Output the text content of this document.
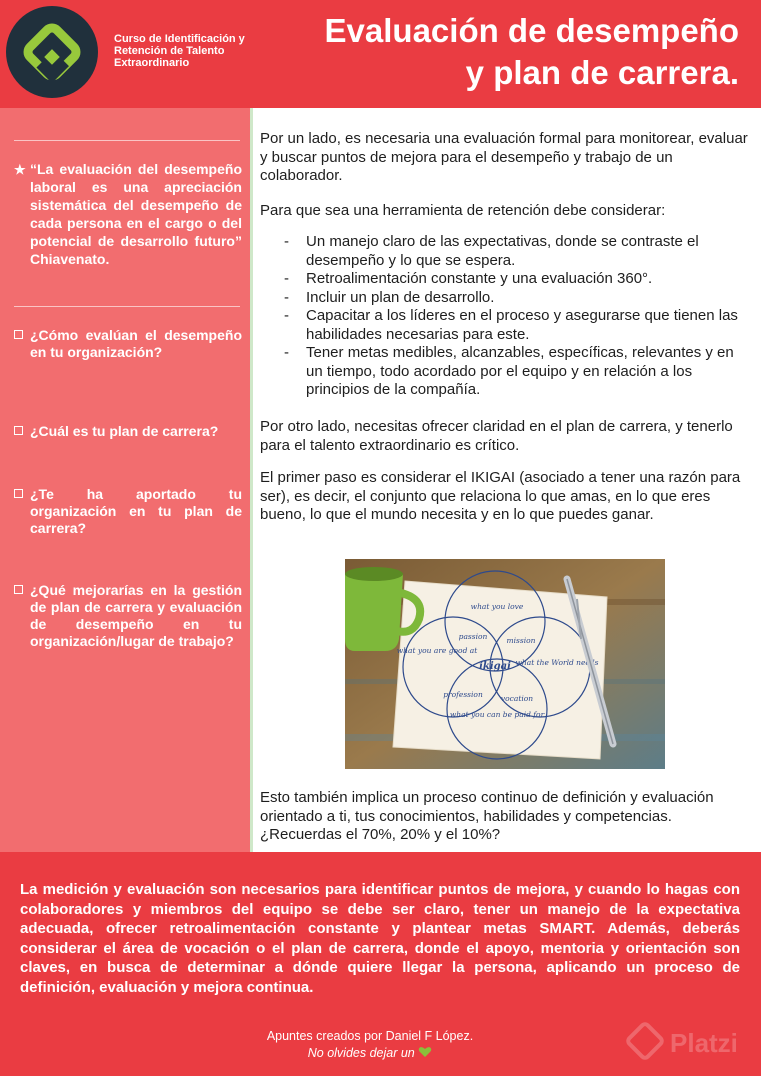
Curso de Identificación y Retención de Talento Extraordinario
Evaluación de desempeño
y plan de carrera.
★ “La evaluación del desempeño laboral es una apreciación sistemática del desempeño de cada persona en el cargo o del potencial de desarrollo futuro” Chiavenato.
¿Cómo evalúan el desempeño en tu organización?
¿Cuál es tu plan de carrera?
¿Te ha aportado tu organización en tu plan de carrera?
¿Qué mejorarías en la gestión de plan de carrera y evaluación de desempeño en tu organización/lugar de trabajo?

Por un lado, es necesaria una evaluación formal para monitorear, evaluar y buscar puntos de mejora para el desempeño y trabajo de un colaborador.

Para que sea una herramienta de retención debe considerar:

- Un manejo claro de las expectativas, donde se contraste el desempeño y lo que se espera.
- Retroalimentación constante y una evaluación 360°.
- Incluir un plan de desarrollo.
- Capacitar a los líderes en el proceso y asegurarse que tienen las habilidades necesarias para este.
- Tener metas medibles, alcanzables, específicas, relevantes y en un tiempo, todo acordado por el equipo y en relación a los principios de la compañía.

Por otro lado, necesitas ofrecer claridad en el plan de carrera, y tenerlo para el talento extraordinario es crítico.

El primer paso es considerar el IKIGAI (asociado a tener una razón para ser), es decir, el conjunto que relaciona lo que amas, en lo que eres bueno, lo que el mundo necesita y en lo que puedes ganar.

what you love
what you are good at
what the World needs
what you can be paid for
passion	mission
profession vocation
ikigai

Esto también implica un proceso continuo de definición y evaluación orientado a ti, tus conocimientos, habilidades y competencias. ¿Recuerdas el 70%, 20% y el 10%?

La medición y evaluación son necesarios para identificar puntos de mejora, y cuando lo hagas con colaboradores y miembros del equipo se debe ser claro, tener un manejo de la expectativa adecuada, ofrecer retroalimentación constante y plantear metas SMART. Además, deberás considerar el área de vocación o el plan de carrera, donde el apoyo, mentoria y orientación son claves, en busca de determinar a dónde quiere llegar la persona, aplicando un proceso de definición, evaluación y mejora continua.
Apuntes creados por Daniel F López.
No olvides dejar un	Platzi
